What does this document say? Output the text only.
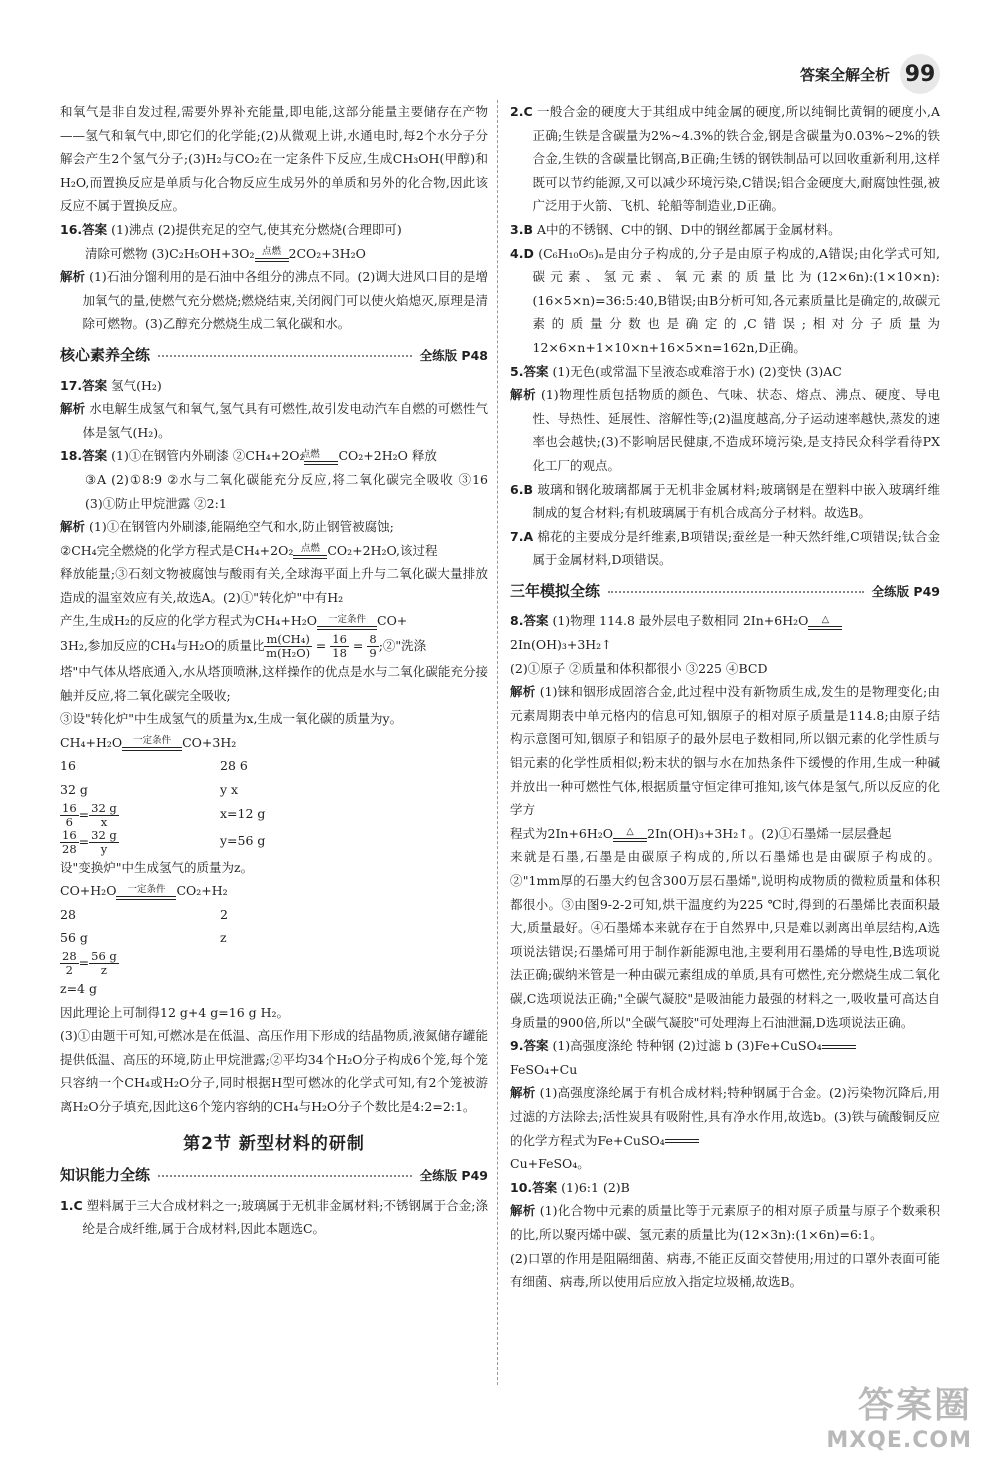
答案全解全析 99

和氧气是非自发过程,需要外界补充能量,即电能,这部分能量主要储存在产物——氢气和氧气中,即它们的化学能;(2)从微观上讲,水通电时,每2个水分子分解会产生2个氢气分子;(3)H₂与CO₂在一定条件下反应,生成CH₃OH(甲醇)和H₂O,而置换反应是单质与化合物反应生成另外的单质和另外的化合物,因此该反应不属于置换反应。

16.答案 (1)沸点 (2)提供充足的空气,使其充分燃烧(合理即可)

清除可燃物 (3)C₂H₅OH+3O₂ 点燃 2CO₂+3H₂O

解析 (1)石油分馏利用的是石油中各组分的沸点不同。(2)调大进风口目的是增加氧气的量,使燃气充分燃烧;燃烧结束,关闭阀门可以使火焰熄灭,原理是清除可燃物。(3)乙醇充分燃烧生成二氧化碳和水。

核心素养全练	全练版 P48

17.答案 氢气(H₂)

解析 水电解生成氢气和氧气,氢气具有可燃性,故引发电动汽车自燃的可燃性气体是氢气(H₂)。

18.答案 (1)①在钢管内外刷漆 ②CH₄+2O₂
点燃	CO₂+2H₂O 释放

③A (2)①8:9 ②水与二氧化碳能充分反应,将二氧化碳完全吸收 ③16 (3)①防止甲烷泄露 ②2:1

解析 (1)①在钢管内外刷漆,能隔绝空气和水,防止钢管被腐蚀;

②CH₄完全燃烧的化学方程式是CH₄+2O₂ 点燃 CO₂+2H₂O,该过程

释放能量;③石刻文物被腐蚀与酸雨有关,全球海平面上升与二氧化碳大量排放造成的温室效应有关,故选A。(2)①"转化炉"中有H₂

产生,生成H₂的反应的化学方程式为CH₄+H₂O	一定条件 CO+

3H₂,参加反应的CH₄与H₂O的质量比 $\frac{\text{m(CH₄)}}{\text{m(H₂O)}} = \frac{16}{18} = \frac{8}{9}$ ;②"洗涤

塔"中气体从塔底通入,水从塔顶喷淋,这样操作的优点是水与二氧化碳能充分接触并反应,将二氧化碳完全吸收;

③设"转化炉"中生成氢气的质量为x,生成一氧化碳的质量为y。

CH₄+H₂O	一定条件 CO+3H₂

16	28 6
32 g	y x
$\frac{16}{6} = \frac{32 g}{x}$	x=12 g
$\frac{16}{28} = \frac{32 g}{y}$	y=56 g

设"变换炉"中生成氢气的质量为z。

CO+H₂O	一定条件 CO₂+H₂

28	2
56 g	z
$\frac{28}{2} = \frac{56 g}{z}$

z=4 g

因此理论上可制得12 g+4 g=16 g H₂。

(3)①由题干可知,可燃冰是在低温、高压作用下形成的结晶物质,液氮储存罐能提供低温、高压的环境,防止甲烷泄露;②平均34个H₂O分子构成6个笼,每个笼只容纳一个CH₄或H₂O分子,同时根据H型可燃冰的化学式可知,有2个笼被游离H₂O分子填充,因此这6个笼内容纳的CH₄与H₂O分子个数比是4:2=2:1。

第2节 新型材料的研制
知识能力全练	全练版 P49

1.C 塑料属于三大合成材料之一;玻璃属于无机非金属材料;不锈钢属于合金;涤纶是合成纤维,属于合成材料,因此本题选C。

2.C 一般合金的硬度大于其组成中纯金属的硬度,所以纯铜比黄铜的硬度小,A正确;生铁是含碳量为2%~4.3%的铁合金,钢是含碳量为0.03%~2%的铁合金,生铁的含碳量比钢高,B正确;生锈的钢铁制品可以回收重新利用,这样既可以节约能源,又可以减少环境污染,C错误;铝合金硬度大,耐腐蚀性强,被广泛用于火箭、飞机、轮船等制造业,D正确。

3.B A中的不锈钢、C中的钢、D中的钢丝都属于金属材料。

4.D (C₆H₁₀O₅)ₙ是由分子构成的,分子是由原子构成的,A错误;由化学式可知,碳元素、氢元素、氧元素的质量比为(12×6n):(1×10×n):(16×5×n)=36:5:40,B错误;由B分析可知,各元素质量比是确定的,故碳元素的质量分数也是确定的,C错误;相对分子质量为12×6×n+1×10×n+16×5×n=162n,D正确。

5.答案 (1)无色(或常温下呈液态或难溶于水) (2)变快 (3)AC

解析 (1)物理性质包括物质的颜色、气味、状态、熔点、沸点、硬度、导电性、导热性、延展性、溶解性等;(2)温度越高,分子运动速率越快,蒸发的速率也会越快;(3)不影响居民健康,不造成环境污染,是支持民众科学看待PX化工厂的观点。

6.B 玻璃和钢化玻璃都属于无机非金属材料;玻璃钢是在塑料中嵌入玻璃纤维制成的复合材料;有机玻璃属于有机合成高分子材料。故选B。

7.A 棉花的主要成分是纤维素,B项错误;蚕丝是一种天然纤维,C项错误;钛合金属于金属材料,D项错误。

三年模拟全练	全练版 P49

8.答案 (1)物理 114.8 最外层电子数相同 2In+6H₂O	△

2In(OH)₃+3H₂↑

(2)①原子 ②质量和体积都很小 ③225 ④BCD

解析 (1)铼和铟形成固溶合金,此过程中没有新物质生成,发生的是物理变化;由元素周期表中单元格内的信息可知,铟原子的相对原子质量是114.8;由原子结构示意图可知,铟原子和铝原子的最外层电子数相同,所以铟元素的化学性质与铝元素的化学性质相似;粉末状的铟与水在加热条件下缓慢的作用,生成一种碱并放出一种可燃性气体,根据质量守恒定律可推知,该气体是氢气,所以反应的化学方

程式为2In+6H₂O	△	2In(OH)₃+3H₂↑。(2)①石墨烯一层层叠起

来就是石墨,石墨是由碳原子构成的,所以石墨烯也是由碳原子构成的。②"1mm厚的石墨大约包含300万层石墨烯",说明构成物质的微粒质量和体积都很小。③由图9-2-2可知,烘干温度约为225 ℃时,得到的石墨烯比表面积最大,质量最好。④石墨烯本来就存在于自然界中,只是难以剥离出单层结构,A选项说法错误;石墨烯可用于制作新能源电池,主要利用石墨烯的导电性,B选项说法正确;碳纳米管是一种由碳元素组成的单质,具有可燃性,充分燃烧生成二氧化碳,C选项说法正确;"全碳气凝胶"是吸油能力最强的材料之一,吸收量可高达自身质量的900倍,所以"全碳气凝胶"可处理海上石油泄漏,D选项说法正确。

9.答案 (1)高强度涤纶 特种钢 (2)过滤 b (3)Fe+CuSO₄

FeSO₄+Cu

解析 (1)高强度涤纶属于有机合成材料;特种钢属于合金。(2)污染物沉降后,用过滤的方法除去;活性炭具有吸附性,具有净水作用,故选b。(3)铁与硫酸铜反应的化学方程式为Fe+CuSO₄

Cu+FeSO₄。

10.答案 (1)6:1 (2)B

解析 (1)化合物中元素的质量比等于元素原子的相对原子质量与原子个数乘积的比,所以聚丙烯中碳、氢元素的质量比为(12×3n):(1×6n)=6:1。

(2)口罩的作用是阻隔细菌、病毒,不能正反面交替使用;用过的口罩外表面可能有细菌、病毒,所以使用后应放入指定垃圾桶,故选B。

答案圈
MXQE.COM
